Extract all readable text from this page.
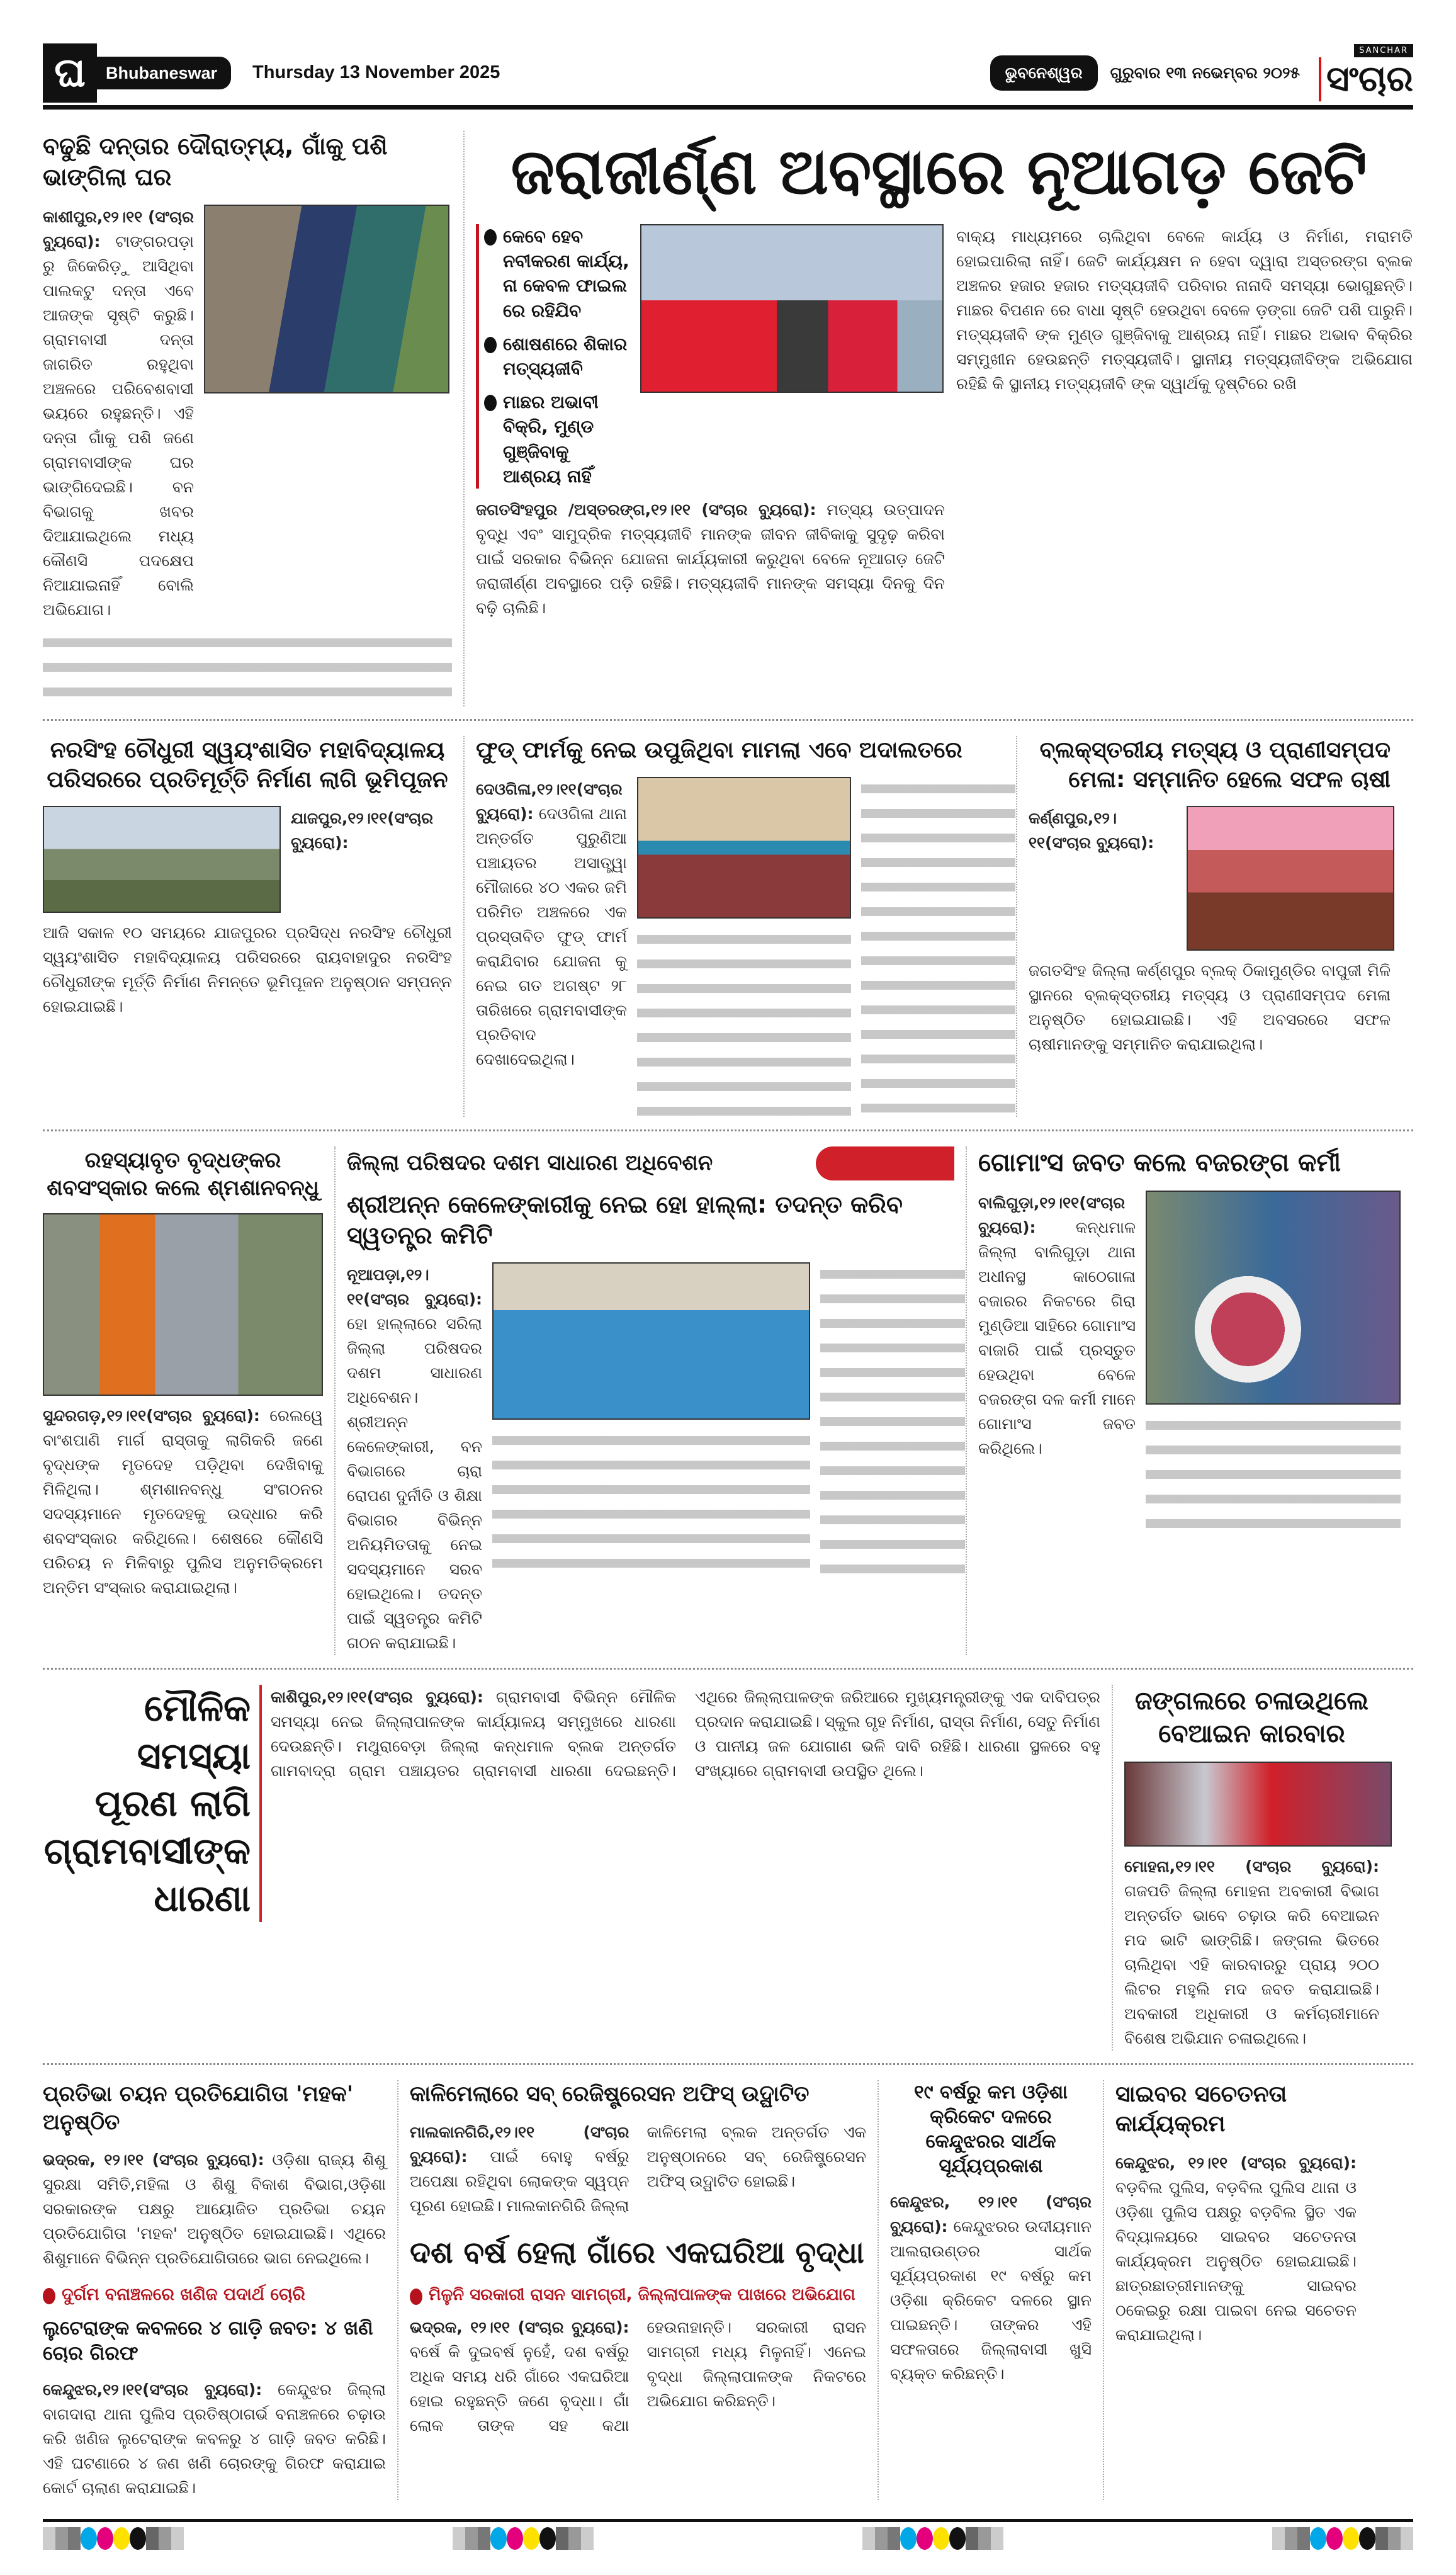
ଘ	Bhubaneswar	Thursday 13 November 2025	ଭୁବନେଶ୍ୱର	ଗୁରୁବାର ୧୩ ନଭେମ୍ବର ୨୦୨୫
SANCHAR
ସଂଚାର
ବଢୁଛି ଦନ୍ତାର ଦୌରାତ୍ମ୍ୟ, ଗାଁକୁ ପଶି ଭାଙ୍ଗିଲା ଘର
କାଶୀପୁର,୧୨।୧୧ (ସଂଚାର ବ୍ୟୁରୋ): ଟାଙ୍ଗରପଡ଼ା ରୁ ଜିକେରିଡ଼ୁ ଆସିଥିବା ପାଲକଟୁ ଦନ୍ତା ଏବେ ଆଜଙ୍କ ସୃଷ୍ଟି କରୁଛି। ଗ୍ରାମବାସୀ ଦନ୍ତା ଜାଗରିତ ରହୁଥିବା ଅଞ୍ଚଳରେ ପରିବେଶବାସୀ ଭୟରେ ରହୁଛନ୍ତି। ଏହି ଦନ୍ତା ଗାଁକୁ ପଶି ଜଣେ ଗ୍ରାମବାସୀଙ୍କ ଘର ଭାଙ୍ଗିଦେଇଛି। ବନ ବିଭାଗକୁ ଖବର ଦିଆଯାଇଥିଲେ ମଧ୍ୟ କୌଣସି ପଦକ୍ଷେପ ନିଆଯାଇନାହିଁ ବୋଲି ଅଭିଯୋଗ।
ଜରାଜୀର୍ଣ୍ଣ ଅବସ୍ଥାରେ ନୂଆଗଡ଼ ଜେଟି
କେବେ ହେବ ନବୀକରଣ କାର୍ଯ୍ୟ, ନା କେବଳ ଫାଇଲ ରେ ରହିଯିବ
ଶୋଷଣରେ ଶିକାର ମତ୍ସ୍ୟଜୀବି
ମାଛର ଅଭାବୀ ବିକ୍ରି, ମୁଣ୍ଡ ଗୁଞ୍ଜିବାକୁ ଆଶ୍ରୟ ନାହିଁ
ଜଗତସିଂହପୁର /ଅସ୍ତରଙ୍ଗ,୧୨।୧୧ (ସଂଚାର ବ୍ୟୁରୋ): ମତ୍ସ୍ୟ ଉତ୍ପାଦନ ବୃଦ୍ଧି ଏବଂ ସାମୁଦ୍ରିକ ମତ୍ସ୍ୟଜୀବି ମାନଙ୍କ ଜୀବନ ଜୀବିକାକୁ ସୁଦୃଢ଼ କରିବା ପାଇଁ ସରକାର ବିଭିନ୍ନ ଯୋଜନା କାର୍ଯ୍ୟକାରୀ କରୁଥିବା ବେଳେ ନୂଆଗଡ଼ ଜେଟି ଜରାଜୀର୍ଣ୍ଣ ଅବସ୍ଥାରେ ପଡ଼ି ରହିଛି। ମତ୍ସ୍ୟଜୀବି ମାନଙ୍କ ସମସ୍ୟା ଦିନକୁ ଦିନ ବଢ଼ି ଚାଲିଛି।
ବାକ୍ୟ ମାଧ୍ୟମରେ ଚାଲିଥିବା ବେଳେ କାର୍ଯ୍ୟ ଓ ନିର୍ମାଣ, ମରାମତି ହୋଇପାରିଲା ନାହିଁ। ଜେଟି କାର୍ଯ୍ୟକ୍ଷମ ନ ହେବା ଦ୍ୱାରା ଅସ୍ତରଙ୍ଗ ବ୍ଲକ ଅଞ୍ଚଳର ହଜାର ହଜାର ମତ୍ସ୍ୟଜୀବି ପରିବାର ନାନାଦି ସମସ୍ୟା ଭୋଗୁଛନ୍ତି। ମାଛର ବିପଣନ ରେ ବାଧା ସୃଷ୍ଟି ହେଉଥିବା ବେଳେ ଡ଼ଙ୍ଗା ଜେଟି ପଶି ପାରୁନି। ମତ୍ସ୍ୟଜୀବି ଙ୍କ ମୁଣ୍ଡ ଗୁଞ୍ଜିବାକୁ ଆଶ୍ରୟ ନାହିଁ। ମାଛର ଅଭାବ ବିକ୍ରିର ସମ୍ମୁଖୀନ ହେଉଛନ୍ତି ମତ୍ସ୍ୟଜୀବି। ସ୍ଥାନୀୟ ମତ୍ସ୍ୟଜୀବିଙ୍କ ଅଭିଯୋଗ ରହିଛି କି ସ୍ଥାନୀୟ ମତ୍ସ୍ୟଜୀବି ଙ୍କ ସ୍ୱାର୍ଥକୁ ଦୃଷ୍ଟିରେ ରଖି
ନରସିଂହ ଚୌଧୁରୀ ସ୍ୱୟଂଶାସିତ ମହାବିଦ୍ୟାଳୟ ପରିସରରେ ପ୍ରତିମୂର୍ତ୍ତି ନିର୍ମାଣ ଲାଗି ଭୂମିପୂଜନ
ଯାଜପୁର,୧୨।୧୧(ସଂଚାର ବ୍ୟୁରୋ):
ଆଜି ସକାଳ ୧୦ ସମୟରେ ଯାଜପୁରର ପ୍ରସିଦ୍ଧ ନରସିଂହ ଚୌଧୁରୀ ସ୍ୱୟଂଶାସିତ ମହାବିଦ୍ୟାଳୟ ପରିସରରେ ରାୟବାହାଦୁର ନରସିଂହ ଚୌଧୁରୀଙ୍କ ମୂର୍ତ୍ତି ନିର୍ମାଣ ନିମନ୍ତେ ଭୂମିପୂଜନ ଅନୁଷ୍ଠାନ ସମ୍ପନ୍ନ ହୋଇଯାଇଛି।
ଫୁଡ୍ ଫାର୍ମକୁ ନେଇ ଉପୁଜିଥିବା ମାମଲା ଏବେ ଅଦାଲତରେ
ଦେଓଗିଳା,୧୨।୧୧(ସଂଚାର ବ୍ୟୁରୋ): ଦେଓଗିଳା ଥାନା ଅନ୍ତର୍ଗତ ପୁରୁଣିଆ ପଞ୍ଚାୟତର ଅସାତ୍ତ୍ୱା ମୌଜାରେ ୪୦ ଏକର ଜମି ପରିମିତ ଅଞ୍ଚଳରେ ଏକ ପ୍ରସ୍ତାବିତ ଫୁଡ୍ ଫାର୍ମ କରାଯିବାର ଯୋଜନା କୁ ନେଇ ଗତ ଅଗଷ୍ଟ ୨୮ ତାରିଖରେ ଗ୍ରାମବାସୀଙ୍କ ପ୍ରତିବାଦ ଦେଖାଦେଇଥିଲା।
ବ୍ଲକ୍‌ସ୍ତରୀୟ ମତ୍ସ୍ୟ ଓ ପ୍ରାଣୀସମ୍ପଦ ମେଳା: ସମ୍ମାନିତ ହେଲେ ସଫଳ ଚାଷୀ
କର୍ଣ୍ଣପୁର,୧୨।୧୧(ସଂଚାର ବ୍ୟୁରୋ):
ଜଗତସିଂହ ଜିଲ୍ଲା କର୍ଣ୍ଣପୁର ବ୍ଲକ୍ ଠିକାମୁଣ୍ଡିର ବାପୁଜୀ ମିଳି ସ୍ଥାନରେ ବ୍ଲକ୍‌ସ୍ତରୀୟ ମତ୍ସ୍ୟ ଓ ପ୍ରାଣୀସମ୍ପଦ ମେଳା ଅନୁଷ୍ଠିତ ହୋଇଯାଇଛି। ଏହି ଅବସରରେ ସଫଳ ଚାଷୀମାନଙ୍କୁ ସମ୍ମାନିତ କରାଯାଇଥିଲା।
ରହସ୍ୟାବୃତ ବୃଦ୍ଧଙ୍କର ଶବସଂସ୍କାର କଲେ ଶ୍ମଶାନବନ୍ଧୁ
ସୁନ୍ଦରଗଡ଼,୧୨।୧୧(ସଂଚାର ବ୍ୟୁରୋ): ରେଲୱେ ବାଂଶପାଣି ମାର୍ଗ ରାସ୍ତାକୁ ଲାଗିକରି ଜଣେ ବୃଦ୍ଧଙ୍କ ମୃତଦେହ ପଡ଼ିଥିବା ଦେଖିବାକୁ ମିଳିଥିଲା। ଶ୍ମଶାନବନ୍ଧୁ ସଂଗଠନର ସଦସ୍ୟମାନେ ମୃତଦେହକୁ ଉଦ୍ଧାର କରି ଶବସଂସ୍କାର କରିଥିଲେ। ଶେଷରେ କୌଣସି ପରିଚୟ ନ ମିଳିବାରୁ ପୁଲିସ ଅନୁମତିକ୍ରମେ ଅନ୍ତିମ ସଂସ୍କାର କରାଯାଇଥିଲା।
ଜିଲ୍ଲା ପରିଷଦର ଦଶମ ସାଧାରଣ ଅଧିବେଶନ
ଶ୍ରୀଅନ୍ନ କେଳେଙ୍କାରୀକୁ ନେଇ ହୋ ହାଲ୍ଲା: ତଦନ୍ତ କରିବ ସ୍ୱତନ୍ତ୍ର କମିଟି
ନୂଆପଡ଼ା,୧୨।୧୧(ସଂଚାର ବ୍ୟୁରୋ): ହୋ ହାଲ୍ଲାରେ ସରିଲା ଜିଲ୍ଲା ପରିଷଦର ଦଶମ ସାଧାରଣ ଅଧିବେଶନ। ଶ୍ରୀଅନ୍ନ କେଳେଙ୍କାରୀ, ବନ ବିଭାଗରେ ଚାରା ରୋପଣ ଦୁର୍ନୀତି ଓ ଶିକ୍ଷା ବିଭାଗର ବିଭିନ୍ନ ଅନିୟମିତତାକୁ ନେଇ ସଦସ୍ୟମାନେ ସରବ ହୋଇଥିଲେ। ତଦନ୍ତ ପାଇଁ ସ୍ୱତନ୍ତ୍ର କମିଟି ଗଠନ କରାଯାଇଛି।
ଗୋମାଂସ ଜବତ କଲେ ବଜରଙ୍ଗ କର୍ମୀ
ବାଲିଗୁଡ଼ା,୧୨।୧୧(ସଂଚାର ବ୍ୟୁରୋ):	କନ୍ଧମାଳ ଜିଲ୍ଲା ବାଲିଗୁଡ଼ା ଥାନା ଅଧୀନସ୍ଥ କାଠେଗାଳା ବଜାରର ନିକଟରେ ଗିରା ମୁଣ୍ଡିଆ ସାହିରେ ଗୋମାଂସ ବାଜାରି ପାଇଁ ପ୍ରସ୍ତୁତ ହେଉଥିବା ବେଳେ ବଜରଙ୍ଗ ଦଳ କର୍ମୀ ମାନେ ଗୋମାଂସ ଜବତ କରିଥିଲେ।
ମୌଳିକ ସମସ୍ୟା ପୂରଣ ଲାଗି ଗ୍ରାମବାସୀଙ୍କ ଧାରଣା
କାଶିପୁର,୧୨।୧୧(ସଂଚାର ବ୍ୟୁରୋ): ଗ୍ରାମବାସୀ ବିଭିନ୍ନ ମୌଳିକ ସମସ୍ୟା ନେଇ ଜିଲ୍ଲାପାଳଙ୍କ କାର୍ଯ୍ୟାଳୟ ସମ୍ମୁଖରେ ଧାରଣା ଦେଉଛନ୍ତି। ମଥୁରାବେଡ଼ା ଜିଲ୍ଲା କନ୍ଧମାଳ ବ୍ଲକ ଅନ୍ତର୍ଗତ ଗାମବାଦ୍ରା ଗ୍ରାମ ପଞ୍ଚାୟତର ଗ୍ରାମବାସୀ ଧାରଣା ଦେଇଛନ୍ତି। ଏଥିରେ ଜିଲ୍ଲାପାଳଙ୍କ ଜରିଆରେ ମୁଖ୍ୟମନ୍ତ୍ରୀଙ୍କୁ ଏକ ଦାବିପତ୍ର ପ୍ରଦାନ କରାଯାଇଛି। ସ୍କୁଲ ଗୃହ ନିର୍ମାଣ, ରାସ୍ତା ନିର୍ମାଣ, ସେତୁ ନିର୍ମାଣ ଓ ପାନୀୟ ଜଳ ଯୋଗାଣ ଭଳି ଦାବି ରହିଛି। ଧାରଣା ସ୍ଥଳରେ ବହୁ ସଂଖ୍ୟାରେ ଗ୍ରାମବାସୀ ଉପସ୍ଥିତ ଥିଲେ।
ଜଙ୍ଗଲରେ ଚଳାଉଥିଲେ ବେଆଇନ କାରବାର
ମୋହନା,୧୨।୧୧ (ସଂଚାର ବ୍ୟୁରୋ): ଗଜପତି ଜିଲ୍ଲା ମୋହନା ଅବକାରୀ ବିଭାଗ ଅନ୍ତର୍ଗତ ଭାବେ ଚଢ଼ାଉ କରି ବେଆଇନ ମଦ ଭାଟି ଭାଙ୍ଗିଛି। ଜଙ୍ଗଲ ଭିତରେ ଚାଲିଥିବା ଏହି କାରବାରରୁ ପ୍ରାୟ ୨୦୦ ଲିଟର ମହୁଲି ମଦ ଜବତ କରାଯାଇଛି। ଅବକାରୀ ଅଧିକାରୀ ଓ କର୍ମଚାରୀମାନେ ବିଶେଷ ଅଭିଯାନ ଚଳାଇଥିଲେ।
ପ୍ରତିଭା ଚୟନ ପ୍ରତିଯୋଗିତା 'ମହକ' ଅନୁଷ୍ଠିତ
ଭଦ୍ରକ, ୧୨।୧୧ (ସଂଚାର ବ୍ୟୁରୋ): ଓଡ଼ିଶା ରାଜ୍ୟ ଶିଶୁ ସୁରକ୍ଷା ସମିତି,ମହିଳା ଓ ଶିଶୁ ବିକାଶ ବିଭାଗ,ଓଡ଼ିଶା ସରକାରଙ୍କ ପକ୍ଷରୁ ଆୟୋଜିତ ପ୍ରତିଭା ଚୟନ ପ୍ରତିଯୋଗିତା 'ମହକ' ଅନୁଷ୍ଠିତ ହୋଇଯାଇଛି। ଏଥିରେ ଶିଶୁମାନେ ବିଭିନ୍ନ ପ୍ରତିଯୋଗିତାରେ ଭାଗ ନେଇଥିଲେ।
ଦୁର୍ଗମ ବନାଞ୍ଚଳରେ ଖଣିଜ ପଦାର୍ଥ ଚୋରି
ଲୁଟେରାଙ୍କ କବଳରେ ୪ ଗାଡ଼ି ଜବତ: ୪ ଖଣି ଚୋର ଗିରଫ
କେନ୍ଦୁଝର,୧୨।୧୧(ସଂଚାର ବ୍ୟୁରୋ): କେନ୍ଦୁଝର ଜିଲ୍ଲା ବାଗଦାରା ଥାନା ପୁଲିସ ପ୍ରତିଷ୍ଠାଗର୍ଭ ବନାଞ୍ଚଳରେ ଚଢ଼ାଉ କରି ଖଣିଜ ଲୁଟେରାଙ୍କ କବଳରୁ ୪ ଗାଡ଼ି ଜବତ କରିଛି। ଏହି ଘଟଣାରେ ୪ ଜଣ ଖଣି ଚୋରଙ୍କୁ ଗିରଫ କରାଯାଇ କୋର୍ଟ ଚାଲାଣ କରାଯାଇଛି।
କାଳିମେଲାରେ ସବ୍ ରେଜିଷ୍ଟ୍ରେସନ ଅଫିସ୍ ଉଦ୍ଘାଟିତ
ମାଲକାନଗିରି,୧୨।୧୧ (ସଂଚାର ବ୍ୟୁରୋ): ପାଇଁ ବୋହୁ ବର୍ଷରୁ ଅପେକ୍ଷା ରହିଥିବା ଲୋକଙ୍କ ସ୍ୱପ୍ନ ପୂରଣ ହୋଇଛି। ମାଲକାନଗିରି ଜିଲ୍ଲା କାଳିମେଲା ବ୍ଲକ ଅନ୍ତର୍ଗତ ଏକ ଅନୁଷ୍ଠାନରେ ସବ୍ ରେଜିଷ୍ଟ୍ରେସନ ଅଫିସ୍ ଉଦ୍ଘାଟିତ ହୋଇଛି।
ଦଶ ବର୍ଷ ହେଲା ଗାଁରେ ଏକଘରିଆ ବୃଦ୍ଧା
ମିଳୁନି ସରକାରୀ ରାସନ ସାମଗ୍ରୀ, ଜିଲ୍ଲାପାଳଙ୍କ ପାଖରେ ଅଭିଯୋଗ
ଭଦ୍ରକ, ୧୨।୧୧ (ସଂଚାର ବ୍ୟୁରୋ): ବର୍ଷେ କି ଦୁଇବର୍ଷ ନୁହେଁ, ଦଶ ବର୍ଷରୁ ଅଧିକ ସମୟ ଧରି ଗାଁରେ ଏକଘରିଆ ହୋଇ ରହୁଛନ୍ତି ଜଣେ ବୃଦ୍ଧା। ଗାଁ ଲୋକ ତାଙ୍କ ସହ କଥା ହେଉନାହାନ୍ତି। ସରକାରୀ ରାସନ ସାମଗ୍ରୀ ମଧ୍ୟ ମିଳୁନାହିଁ। ଏନେଇ ବୃଦ୍ଧା ଜିଲ୍ଲାପାଳଙ୍କ ନିକଟରେ ଅଭିଯୋଗ କରିଛନ୍ତି।
୧୯ ବର୍ଷରୁ କମ ଓଡ଼ିଶା କ୍ରିକେଟ ଦଳରେ କେନ୍ଦୁଝରର ସାର୍ଥକ ସୂର୍ଯ୍ୟପ୍ରକାଶ
କେନ୍ଦୁଝର, ୧୨।୧୧ (ସଂଚାର ବ୍ୟୁରୋ): କେନ୍ଦୁଝରର ଉଦୀୟମାନ ଆଲରାଉଣ୍ଡର ସାର୍ଥକ ସୂର୍ଯ୍ୟପ୍ରକାଶ ୧୯ ବର୍ଷରୁ କମ ଓଡ଼ିଶା କ୍ରିକେଟ ଦଳରେ ସ୍ଥାନ ପାଇଛନ୍ତି। ତାଙ୍କର ଏହି ସଫଳତାରେ ଜିଲ୍ଲାବାସୀ ଖୁସି ବ୍ୟକ୍ତ କରିଛନ୍ତି।
ସାଇବର ସଚେତନତା କାର୍ଯ୍ୟକ୍ରମ
କେନ୍ଦୁଝର, ୧୨।୧୧ (ସଂଚାର ବ୍ୟୁରୋ): ବଡ଼ବିଲ ପୁଲିସ, ବଡ଼ବିଲ ପୁଲିସ ଥାନା ଓ ଓଡ଼ିଶା ପୁଲିସ ପକ୍ଷରୁ ବଡ଼ବିଲ ସ୍ଥିତ ଏକ ବିଦ୍ୟାଳୟରେ ସାଇବର ସଚେତନତା କାର୍ଯ୍ୟକ୍ରମ ଅନୁଷ୍ଠିତ ହୋଇଯାଇଛି। ଛାତ୍ରଛାତ୍ରୀମାନଙ୍କୁ ସାଇବର ଠକେଇରୁ ରକ୍ଷା ପାଇବା ନେଇ ସଚେତନ କରାଯାଇଥିଲା।
